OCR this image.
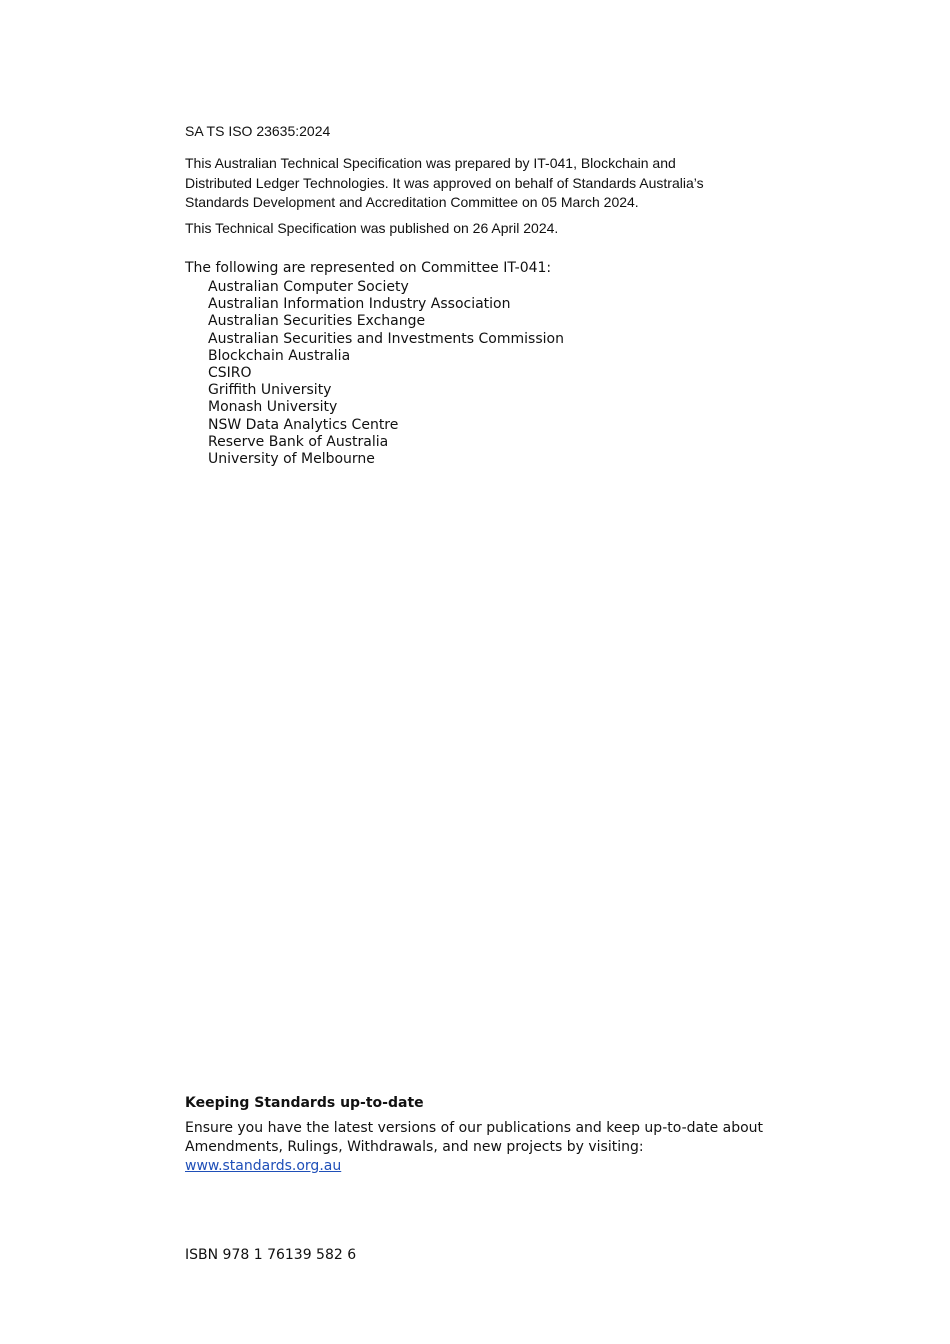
SA TS ISO 23635:2024
This Australian Technical Specification was prepared by IT-041, Blockchain and Distributed Ledger Technologies. It was approved on behalf of Standards Australia’s Standards Development and Accreditation Committee on 05 March 2024.
This Technical Specification was published on 26 April 2024.
The following are represented on Committee IT-041:
Australian Computer Society
Australian Information Industry Association
Australian Securities Exchange
Australian Securities and Investments Commission
Blockchain Australia
CSIRO
Griffith University
Monash University
NSW Data Analytics Centre
Reserve Bank of Australia
University of Melbourne
Keeping Standards up-to-date
Ensure you have the latest versions of our publications and keep up-to-date about Amendments, Rulings, Withdrawals, and new projects by visiting:
www.standards.org.au
ISBN 978 1 76139 582 6
